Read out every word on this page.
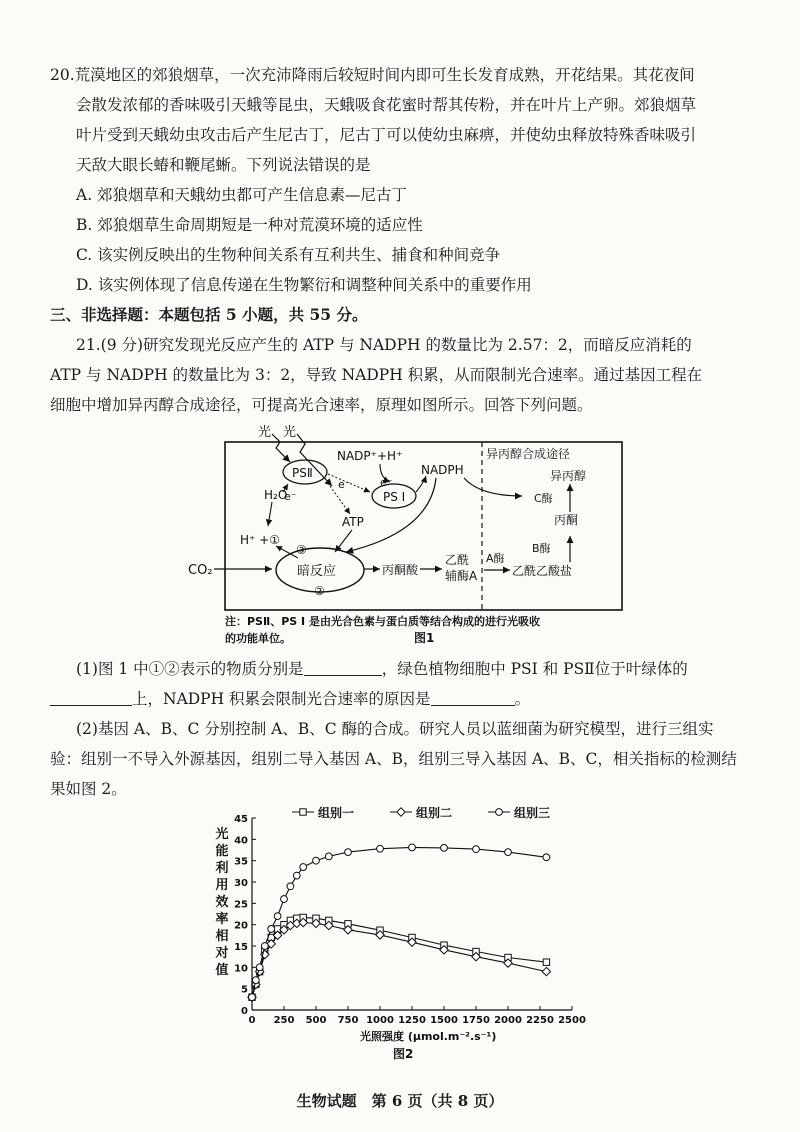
20.荒漠地区的郊狼烟草，一次充沛降雨后较短时间内即可生长发育成熟，开花结果。其花夜间
会散发浓郁的香味吸引天蛾等昆虫，天蛾吸食花蜜时帮其传粉，并在叶片上产卵。郊狼烟草
叶片受到天蛾幼虫攻击后产生尼古丁，尼古丁可以使幼虫麻痹，并使幼虫释放特殊香味吸引
天敌大眼长蝽和鞭尾蜥。下列说法错误的是
A. 郊狼烟草和天蛾幼虫都可产生信息素—尼古丁
B. 郊狼烟草生命周期短是一种对荒漠环境的适应性
C. 该实例反映出的生物种间关系有互利共生、捕食和种间竞争
D. 该实例体现了信息传递在生物繁衍和调整种间关系中的重要作用
三、非选择题：本题包括 5 小题，共 55 分。
21.(9 分)研究发现光反应产生的 ATP 与 NADPH 的数量比为 2.57：2，而暗反应消耗的
ATP 与 NADPH 的数量比为 3：2，导致 NADPH 积累，从而限制光合速率。通过基因工程在
细胞中增加异丙醇合成途径，可提高光合速率，原理如图所示。回答下列问题。
光 光
PSⅡ
PS I
NADP⁺+H⁺
NADPH
e⁻	e⁻
H₂O
e⁻
ATP
H⁺ +①
暗反应
③
②
CO₂	丙酮酸
乙酰
辅酶A
异丙醇合成途径
A酶
乙酰乙酸盐
B酶
丙酮
C酶
异丙醇
注：PSⅡ、PS I 是由光合色素与蛋白质等结合构成的进行光吸收
的功能单位。	图1
(1)图 1 中①②表示的物质分别是	，绿色植物细胞中 PSI 和 PSⅡ位于叶绿体的
上，NADPH 积累会限制光合速率的原因是	。
(2)基因 A、B、C 分别控制 A、B、C 酶的合成。研究人员以蓝细菌为研究模型，进行三组实
验：组别一不导入外源基因，组别二导入基因 A、B，组别三导入基因 A、B、C，相关指标的检测结
果如图 2。
光
能
利
用
效
率
相
对
值
0 250 500 750 1000 1250 1500 1750 2000 2250 2500
0
5
10
15
20
25
30
35
40
45	组别一	组别二	组别三
光照强度 (μmol.m⁻².s⁻¹)
图2
生物试题　第 6 页（共 8 页）
